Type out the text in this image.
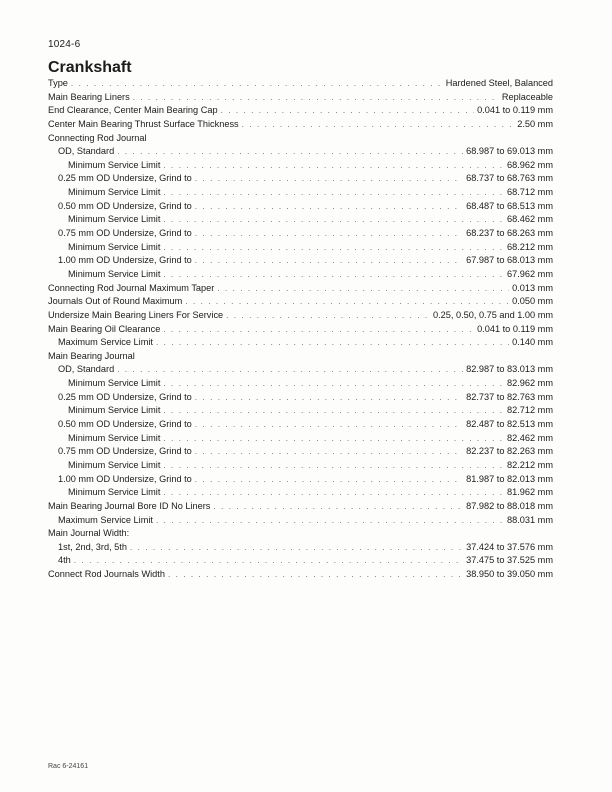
1024-6
Crankshaft
Type . . .	Hardened Steel, Balanced
Main Bearing Liners . . .	Replaceable
End Clearance, Center Main Bearing Cap . . .	0.041 to 0.119 mm
Center Main Bearing Thrust Surface Thickness . . .	2.50 mm
Connecting Rod Journal
OD, Standard . . .	68.987 to 69.013 mm
Minimum Service Limit . . .	68.962 mm
0.25 mm OD Undersize, Grind to . . .	68.737 to 68.763 mm
Minimum Service Limit . . .	68.712 mm
0.50 mm OD Undersize, Grind to . . .	68.487 to 68.513 mm
Minimum Service Limit . . .	68.462 mm
0.75 mm OD Undersize, Grind to . . .	68.237 to 68.263 mm
Minimum Service Limit . . .	68.212 mm
1.00 mm OD Undersize, Grind to . . .	67.987 to 68.013 mm
Minimum Service Limit . . .	67.962 mm
Connecting Rod Journal Maximum Taper . . .	0.013 mm
Journals Out of Round Maximum . . .	0.050 mm
Undersize Main Bearing Liners For Service . . .	0.25, 0.50, 0.75 and 1.00 mm
Main Bearing Oil Clearance . . .	0.041 to 0.119 mm
Maximum Service Limit . . .	0.140 mm
Main Bearing Journal
OD, Standard . . .	82.987 to 83.013 mm
Minimum Service Limit . . .	82.962 mm
0.25 mm OD Undersize, Grind to . . .	82.737 to 82.763 mm
Minimum Service Limit . . .	82.712 mm
0.50 mm OD Undersize, Grind to . . .	82.487 to 82.513 mm
Minimum Service Limit . . .	82.462 mm
0.75 mm OD Undersize, Grind to . . .	82.237 to 82.263 mm
Minimum Service Limit . . .	82.212 mm
1.00 mm OD Undersize, Grind to . . .	81.987 to 82.013 mm
Minimum Service Limit . . .	81.962 mm
Main Bearing Journal Bore ID No Liners . . .	87.982 to 88.018 mm
Maximum Service Limit . . .	88.031 mm
Main Journal Width:
1st, 2nd, 3rd, 5th . . .	37.424 to 37.576 mm
4th . . .	37.475 to 37.525 mm
Connect Rod Journals Width . . .	38.950 to 39.050 mm
Rac 6-24161
